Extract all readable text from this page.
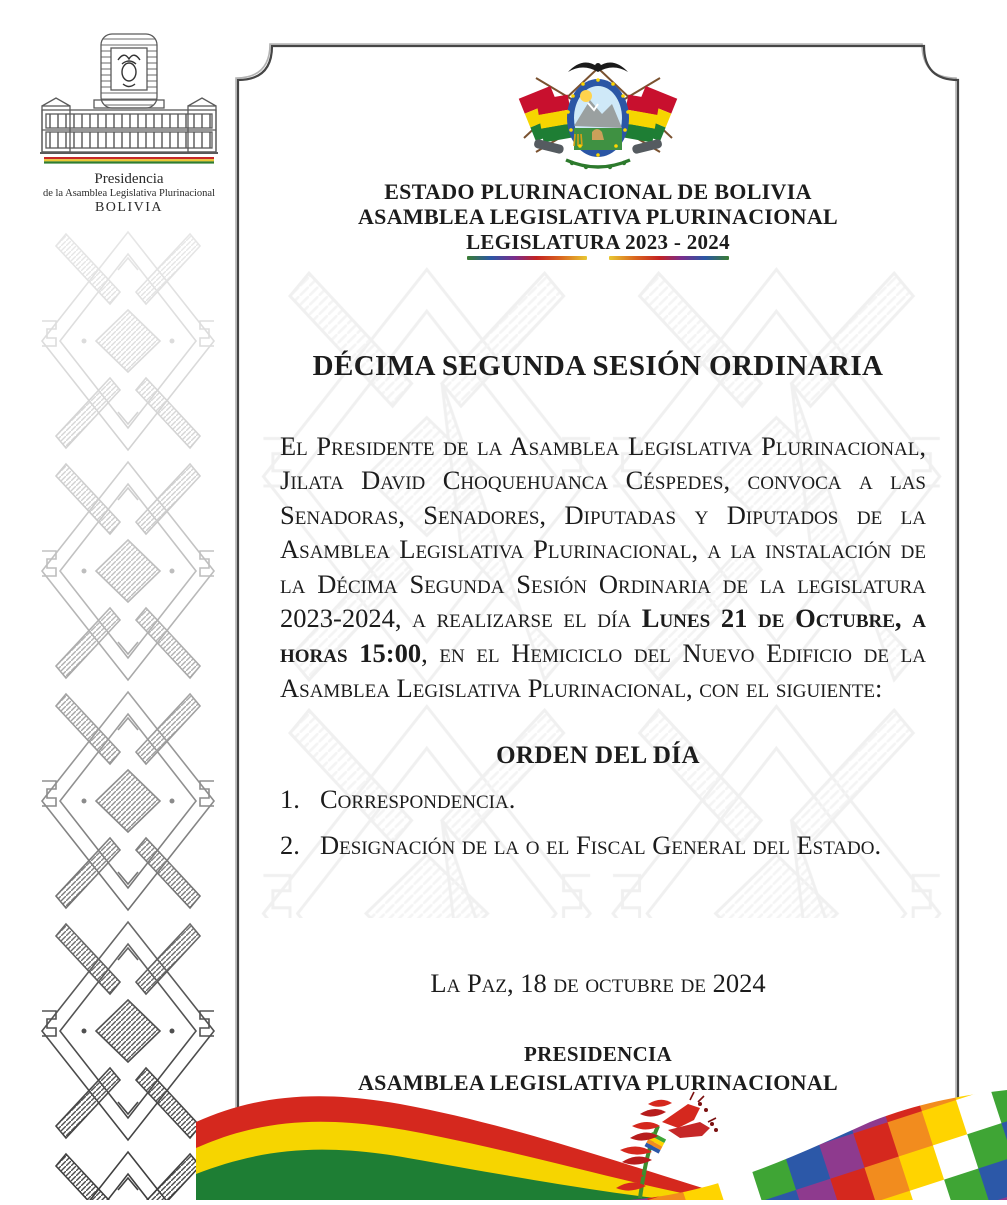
Presidencia
de la Asamblea Legislativa Plurinacional
BOLIVIA
ESTADO PLURINACIONAL DE BOLIVIA
ASAMBLEA LEGISLATIVA PLURINACIONAL
LEGISLATURA 2023 - 2024
DÉCIMA SEGUNDA SESIÓN ORDINARIA

El Presidente de la Asamblea Legislativa Plurinacional, Jilata David Choquehuanca Céspedes, convoca a las Senadoras, Senadores, Diputadas y Diputados de la Asamblea Legislativa Plurinacional, a la instalación de la Décima Segunda Sesión Ordinaria de la legislatura 2023-2024, a realizarse el día Lunes 21 de Octubre, a horas 15:00, en el Hemiciclo del Nuevo Edificio de la Asamblea Legislativa Plurinacional, con el siguiente:

ORDEN DEL DÍA
1. Correspondencia.
2. Designación de la o el Fiscal General del Estado.
La Paz, 18 de octubre de 2024
PRESIDENCIA
ASAMBLEA LEGISLATIVA PLURINACIONAL
